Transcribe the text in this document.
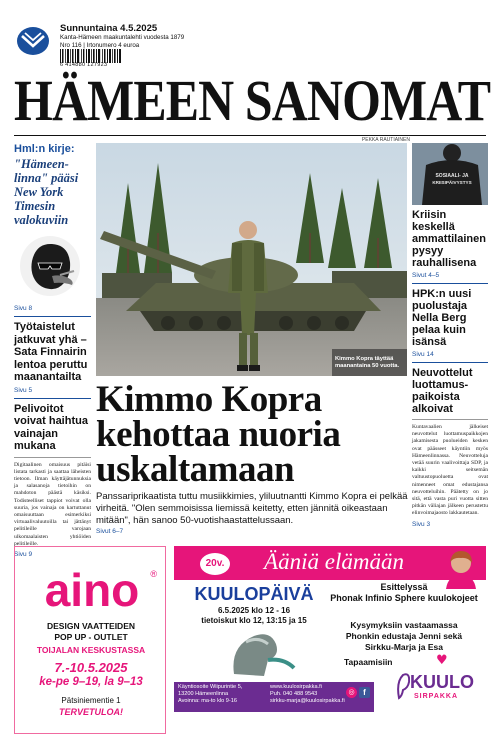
Sunnuntaina 4.5.2025
Kanta-Hämeen maakuntalehti vuodesta 1879
Nro 116 | Irtonumero 4 euroa
6 414880 127923
HÄMEEN SANOMAT
PEKKA RAUTIAINEN
Hml:n kirje:
"Hämeen-linna" pääsi New York Timesin valokuviin
Sivu 8
Työtaistelut jatkuvat yhä – Sata Finnairin lentoa peruttu maanantailta
Sivu 5
Pelivoitot voivat haihtua vainajan mukana
Digitaalinen omaisuus pitäisi listata tarkasti ja saattaa läheisten tietoon. Ilman käyttäjätunnuksia ja salasanoja tietoihin on mahdoton päästä käsiksi. Todisteelliset tappiot voivat olla suuria, jos vainaja on kartuttanut omaisuuttaan esimerkiksi virtuaalivaluutoilla tai jättänyt pelitileille varojaan ulkomaalaisten yhtiöiden pelitileille.
Sivu 9
Kimmo Kopra täyttää maanantaina 50 vuotta.
Kimmo Kopra kehottaa nuoria uskaltamaan
Panssariprikaatista tuttu musiikkimies, yliluutnantti Kimmo Kopra ei pelkää virheitä. "Olen semmoisissa liemissä keitetty, etten jännitä oikeastaan mitään", hän sanoo 50-vuotishaastattelussaan.
Sivut 6–7
SOSIAALI- JA
KRIISIPÄIVYSTYS
Kriisin keskellä ammattilainen pysyy rauhallisena
Sivut 4–5
HPK:n uusi puolustaja Nella Berg pelaa kuin isänsä
Sivu 14
Neuvottelut luottamus-paikoista alkoivat
Kuntavaalien jälkeiset neuvottelut luottamuspaikkojen jakamisesta puolueiden kesken ovat päässeet käyntiin myös Hämeenlinnassa. Neuvotteluja vetää suurin vaalivoittaja SDP, ja kaikki seitsemän valtuustopuoluetta ovat nimenneet omat edustajansa neuvotteluihin. Päätetty on jo sitä, että vasta puri vuotta sitten pitkän väliajan jälkeen perustettu elinvoimajaosto lakkautetaan.
Sivu 3
aino	®
DESIGN VAATTEIDEN
POP UP - OUTLET
TOIJALAN KESKUSTASSA
7.-10.5.2025
ke-pe 9–19, la 9–13
Pätsiniementie 1
TERVETULOA!
20v.	Ääniä elämään
KUULOPÄIVÄ
6.5.2025 klo 12 - 16
tietoiskut klo 12, 13:15 ja 15
Esittelyssä
Phonak Infinio Sphere kuulokojeet
Kysymyksiin vastaamassa
Phonkin edustaja Jenni sekä
Sirkku-Marja ja Esa
Tapaamisiin	♥
KUULO
SIRPAKKA
Käyntiosoite Wiipurintie 5,
13200 Hämeenlinna
Avoinna: ma-to klo 9-16
www.kuulosirpakka.fi
Puh. 040 488 9543
sirkku-marja@kuulosirpakka.fi
◎	f
